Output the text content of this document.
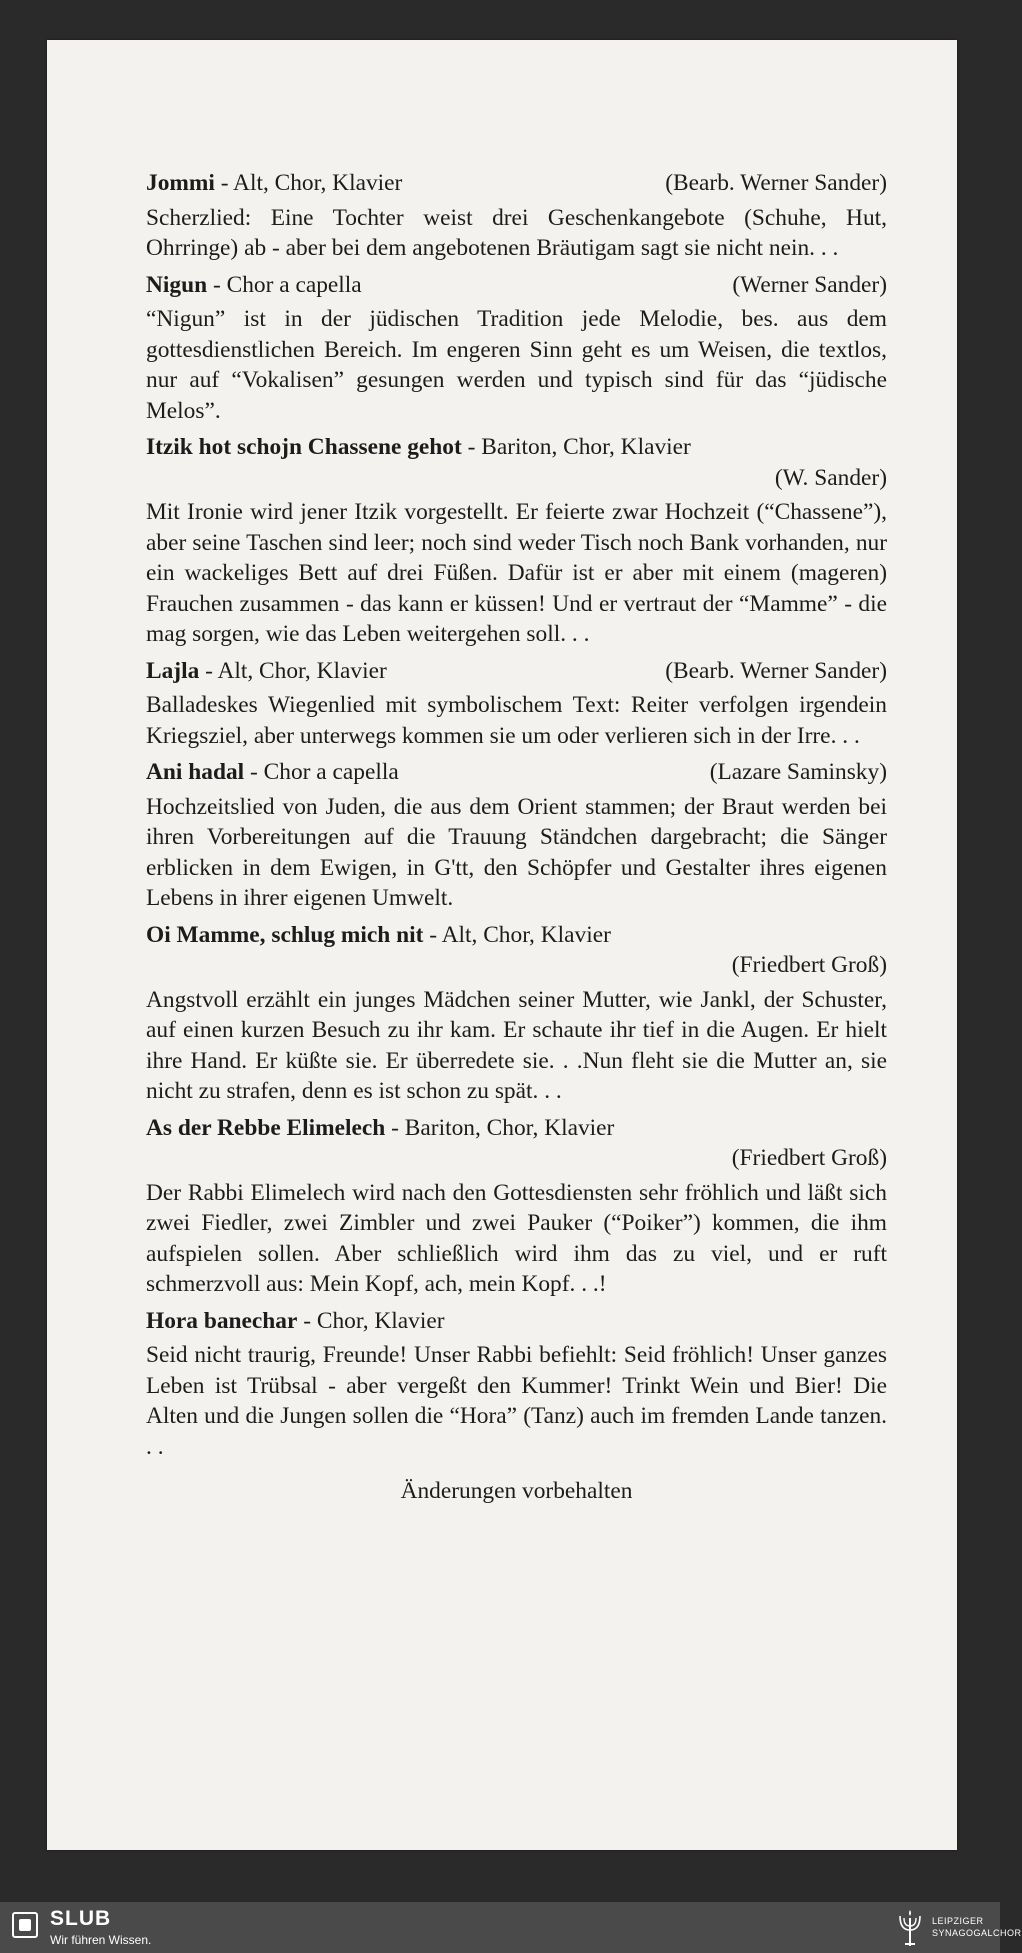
Jommi - Alt, Chor, Klavier	(Bearb. Werner Sander)

Scherzlied: Eine Tochter weist drei Geschenkangebote (Schuhe, Hut, Ohrringe) ab - aber bei dem angebotenen Bräutigam sagt sie nicht nein. . .

Nigun - Chor a capella	(Werner Sander)

“Nigun” ist in der jüdischen Tradition jede Melodie, bes. aus dem gottesdienstlichen Bereich. Im engeren Sinn geht es um Weisen, die textlos, nur auf “Vokalisen” gesungen werden und typisch sind für das “jüdische Melos”.

Itzik hot schojn Chassene gehot - Bariton, Chor, Klavier
(W. Sander)

Mit Ironie wird jener Itzik vorgestellt. Er feierte zwar Hochzeit (“Chassene”), aber seine Taschen sind leer; noch sind weder Tisch noch Bank vorhanden, nur ein wackeliges Bett auf drei Füßen. Dafür ist er aber mit einem (mageren) Frauchen zusammen - das kann er küssen! Und er vertraut der “Mamme” - die mag sorgen, wie das Leben weitergehen soll. . .

Lajla - Alt, Chor, Klavier	(Bearb. Werner Sander)

Balladeskes Wiegenlied mit symbolischem Text: Reiter verfolgen irgendein Kriegsziel, aber unterwegs kommen sie um oder verlieren sich in der Irre. . .

Ani hadal - Chor a capella	(Lazare Saminsky)

Hochzeitslied von Juden, die aus dem Orient stammen; der Braut werden bei ihren Vorbereitungen auf die Trauung Ständchen dargebracht; die Sänger erblicken in dem Ewigen, in G'tt, den Schöpfer und Gestalter ihres eigenen Lebens in ihrer eigenen Umwelt.

Oi Mamme, schlug mich nit - Alt, Chor, Klavier
(Friedbert Groß)

Angstvoll erzählt ein junges Mädchen seiner Mutter, wie Jankl, der Schuster, auf einen kurzen Besuch zu ihr kam. Er schaute ihr tief in die Augen. Er hielt ihre Hand. Er küßte sie. Er überredete sie. . .Nun fleht sie die Mutter an, sie nicht zu strafen, denn es ist schon zu spät. . .

As der Rebbe Elimelech - Bariton, Chor, Klavier
(Friedbert Groß)

Der Rabbi Elimelech wird nach den Gottesdiensten sehr fröhlich und läßt sich zwei Fiedler, zwei Zimbler und zwei Pauker (“Poiker”) kommen, die ihm aufspielen sollen. Aber schließlich wird ihm das zu viel, und er ruft schmerzvoll aus: Mein Kopf, ach, mein Kopf. . .!

Hora banechar - Chor, Klavier

Seid nicht traurig, Freunde! Unser Rabbi befiehlt: Seid fröhlich! Unser ganzes Leben ist Trübsal - aber vergeßt den Kummer! Trinkt Wein und Bier! Die Alten und die Jungen sollen die “Hora” (Tanz) auch im fremden Lande tanzen. . .

Änderungen vorbehalten
SLUB
Wir führen Wissen.
LEIPZIGER
SYNAGOGALCHOR
